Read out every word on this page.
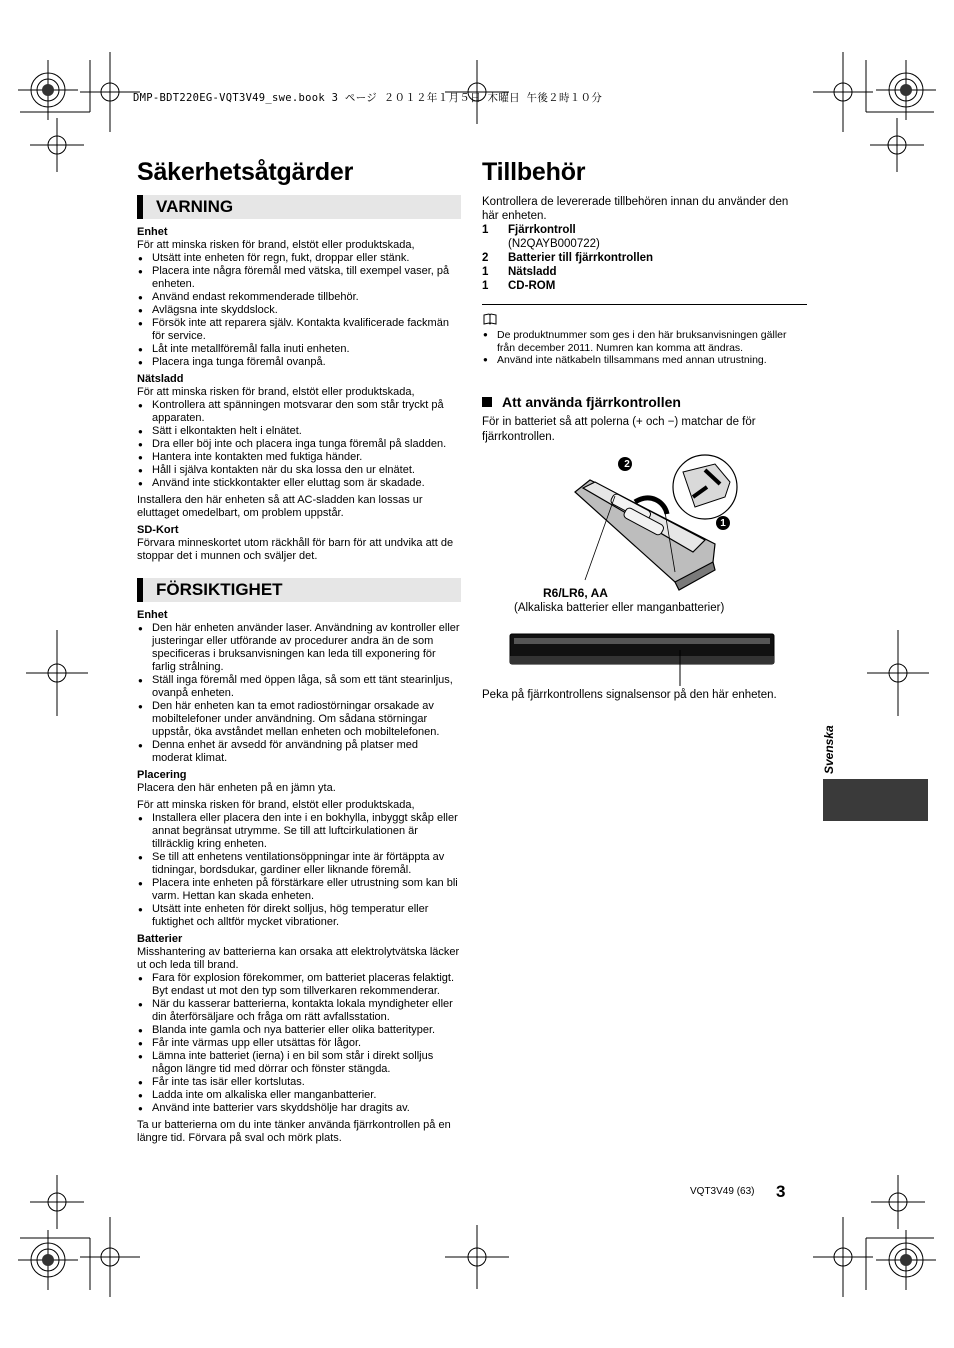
DMP-BDT220EG-VQT3V49_swe.book 3 ページ ２０１２年１月５日 木曜日 午後２時１０分
Säkerhetsåtgärder
VARNING

Enhet

För att minska risken för brand, elstöt eller produktskada,

● Utsätt inte enheten för regn, fukt, droppar eller stänk.
● Placera inte några föremål med vätska, till exempel vaser, på enheten.
● Använd endast rekommenderade tillbehör.
● Avlägsna inte skyddslock.
● Försök inte att reparera själv. Kontakta kvalificerade fackmän för service.
● Låt inte metallföremål falla inuti enheten.
● Placera inga tunga föremål ovanpå.

Nätsladd

För att minska risken för brand, elstöt eller produktskada,

● Kontrollera att spänningen motsvarar den som står tryckt på apparaten.
● Sätt i elkontakten helt i elnätet.
● Dra eller böj inte och placera inga tunga föremål på sladden.
● Hantera inte kontakten med fuktiga händer.
● Håll i själva kontakten när du ska lossa den ur elnätet.
● Använd inte stickkontakter eller eluttag som är skadade.

Installera den här enheten så att AC-sladden kan lossas ur eluttaget omedelbart, om problem uppstår.

SD-Kort

Förvara minneskortet utom räckhåll för barn för att undvika att de stoppar det i munnen och sväljer det.

FÖRSIKTIGHET

Enhet

● Den här enheten använder laser. Användning av kontroller eller justeringar eller utförande av procedurer andra än de som specificeras i bruksanvisningen kan leda till exponering för farlig strålning.
● Ställ inga föremål med öppen låga, så som ett tänt stearinljus, ovanpå enheten.
● Den här enheten kan ta emot radiostörningar orsakade av mobiltelefoner under användning. Om sådana störningar uppstår, öka avståndet mellan enheten och mobiltelefonen.
● Denna enhet är avsedd för användning på platser med moderat klimat.

Placering

Placera den här enheten på en jämn yta.

För att minska risken för brand, elstöt eller produktskada,

● Installera eller placera den inte i en bokhylla, inbyggt skåp eller annat begränsat utrymme. Se till att luftcirkulationen är tillräcklig kring enheten.
● Se till att enhetens ventilationsöppningar inte är förtäppta av tidningar, bordsdukar, gardiner eller liknande föremål.
● Placera inte enheten på förstärkare eller utrustning som kan bli varm. Hettan kan skada enheten.
● Utsätt inte enheten för direkt solljus, hög temperatur eller fuktighet och alltför mycket vibrationer.

Batterier

Misshantering av batterierna kan orsaka att elektrolytvätska läcker ut och leda till brand.

● Fara för explosion förekommer, om batteriet placeras felaktigt. Byt endast ut mot den typ som tillverkaren rekommenderar.
● När du kasserar batterierna, kontakta lokala myndigheter eller din återförsäljare och fråga om rätt avfallsstation.
● Blanda inte gamla och nya batterier eller olika batterityper.
● Får inte värmas upp eller utsättas för lågor.
● Lämna inte batteriet (ierna) i en bil som står i direkt solljus någon längre tid med dörrar och fönster stängda.
● Får inte tas isär eller kortslutas.
● Ladda inte om alkaliska eller manganbatterier.
● Använd inte batterier vars skyddshölje har dragits av.

Ta ur batterierna om du inte tänker använda fjärrkontrollen på en längre tid. Förvara på sval och mörk plats.

Tillbehör

Kontrollera de levererade tillbehören innan du använder den här enheten.

1 Fjärrkontroll
(N2QAYB000722)
2 Batterier till fjärrkontrollen
1 Nätsladd
1 CD-ROM
● De produktnummer som ges i den här bruksanvisningen gäller från december 2011. Numren kan komma att ändras.
● Använd inte nätkabeln tillsammans med annan utrustning.
Att använda fjärrkontrollen

För in batteriet så att polerna (+ och −) matchar de för fjärrkontrollen.

2
1
R6/LR6, AA
(Alkaliska batterier eller manganbatterier)

Peka på fjärrkontrollens signalsensor på den här enheten.

Svenska
VQT3V49 (63) 3
